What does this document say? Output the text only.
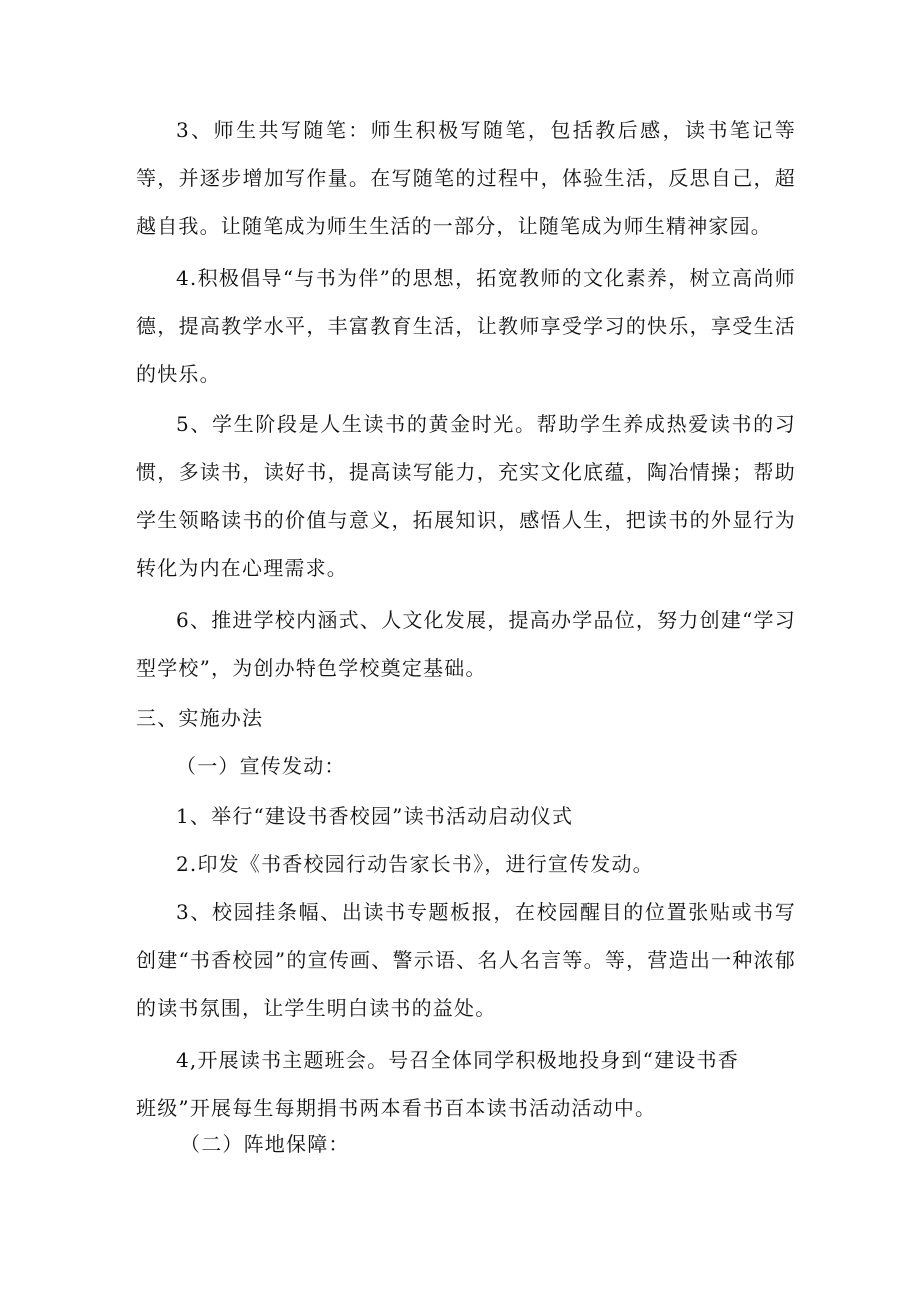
3、师生共写随笔：师生积极写随笔，包括教后感，读书笔记等等，并逐步增加写作量。在写随笔的过程中，体验生活，反思自己，超越自我。让随笔成为师生生活的一部分，让随笔成为师生精神家园。

4.积极倡导“与书为伴”的思想，拓宽教师的文化素养，树立高尚师德，提高教学水平，丰富教育生活，让教师享受学习的快乐，享受生活的快乐。

5、学生阶段是人生读书的黄金时光。帮助学生养成热爱读书的习惯，多读书，读好书，提高读写能力，充实文化底蕴，陶冶情操；帮助学生领略读书的价值与意义，拓展知识，感悟人生，把读书的外显行为转化为内在心理需求。

6、推进学校内涵式、人文化发展，提高办学品位，努力创建“学习型学校”，为创办特色学校奠定基础。

三、实施办法

（一）宣传发动：

1、举行“建设书香校园”读书活动启动仪式

2.印发《书香校园行动告家长书》，进行宣传发动。

3、校园挂条幅、出读书专题板报，在校园醒目的位置张贴或书写创建“书香校园”的宣传画、警示语、名人名言等。等，营造出一种浓郁的读书氛围，让学生明白读书的益处。

4,开展读书主题班会。号召全体同学积极地投身到“建设书香

班级”开展每生每期捐书两本看书百本读书活动活动中。

（二）阵地保障：
